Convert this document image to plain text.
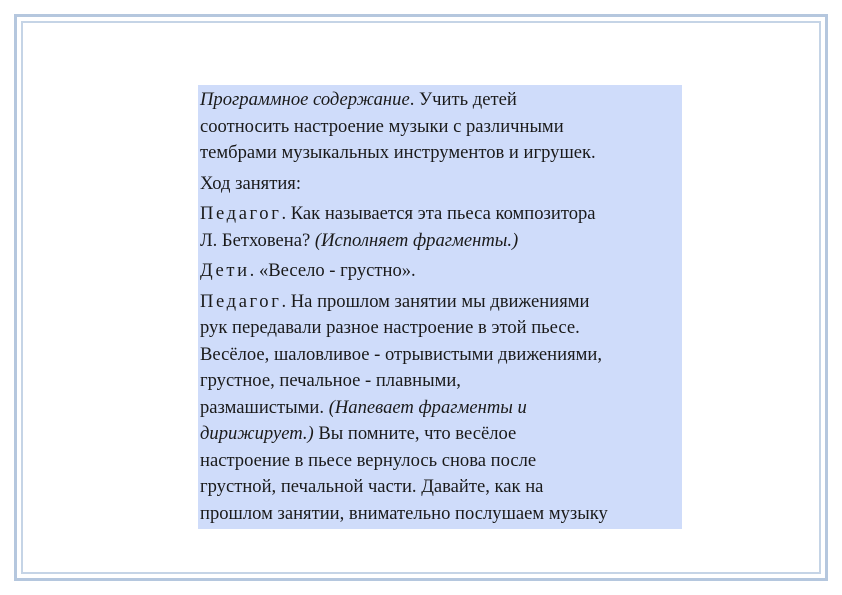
Программное содержание. Учить детей
соотносить настроение музыки с различными
тембрами музыкальных инструментов и игрушек.

Ход занятия:

Педагог. Как называется эта пьеса композитора
Л. Бетховена? (Исполняет фрагменты.)

Дети. «Весело - грустно».

Педагог. На прошлом занятии мы движениями
рук передавали разное настроение в этой пьесе.
Весёлое, шаловливое - отрывистыми движениями,
грустное, печальное - плавными,
размашистыми. (Напевает фрагменты и
дирижирует.) Вы помните, что весёлое
настроение в пьесе вернулось снова после
грустной, печальной части. Давайте, как на
прошлом занятии, внимательно послушаем музыку
